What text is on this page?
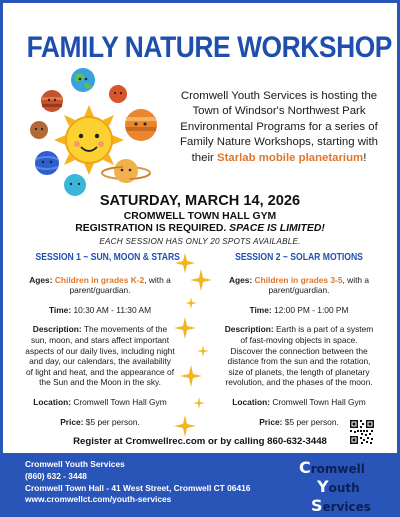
FAMILY NATURE WORKSHOP
Cromwell Youth Services is hosting the Town of Windsor's Northwest Park Environmental Programs for a series of Family Nature Workshops, starting with their Starlab mobile planetarium!
SATURDAY, MARCH 14, 2026
CROMWELL TOWN HALL GYM
REGISTRATION IS REQUIRED. SPACE IS LIMITED!
EACH SESSION HAS ONLY 20 SPOTS AVAILABLE.
SESSION 1 ~ SUN, MOON & STARS

Ages: Children in grades K-2, with a parent/guardian.

Time: 10:30 AM - 11:30 AM

Description: The movements of the sun, moon, and stars affect important aspects of our daily lives, including night and day, our calendars, the availability of light and heat, and the appearance of the Sun and the Moon in the sky.

Location: Cromwell Town Hall Gym

Price: $5 per person.

SESSION 2 ~ SOLAR MOTIONS

Ages: Children in grades 3-5, with a parent/guardian.

Time: 12:00 PM - 1:00 PM

Description: Earth is a part of a system of fast-moving objects in space. Discover the connection between the distance from the sun and the rotation, size of planets, the length of planetary revolution, and the phases of the moon.

Location: Cromwell Town Hall Gym

Price: $5 per person.

Register at Cromwellrec.com or by calling 860-632-3448
Cromwell Youth Services
(860) 632 - 3448
Cromwell Town Hall - 41 West Street, Cromwell CT 06416
www.cromwellct.com/youth-services
Cromwell
Youth
Services
